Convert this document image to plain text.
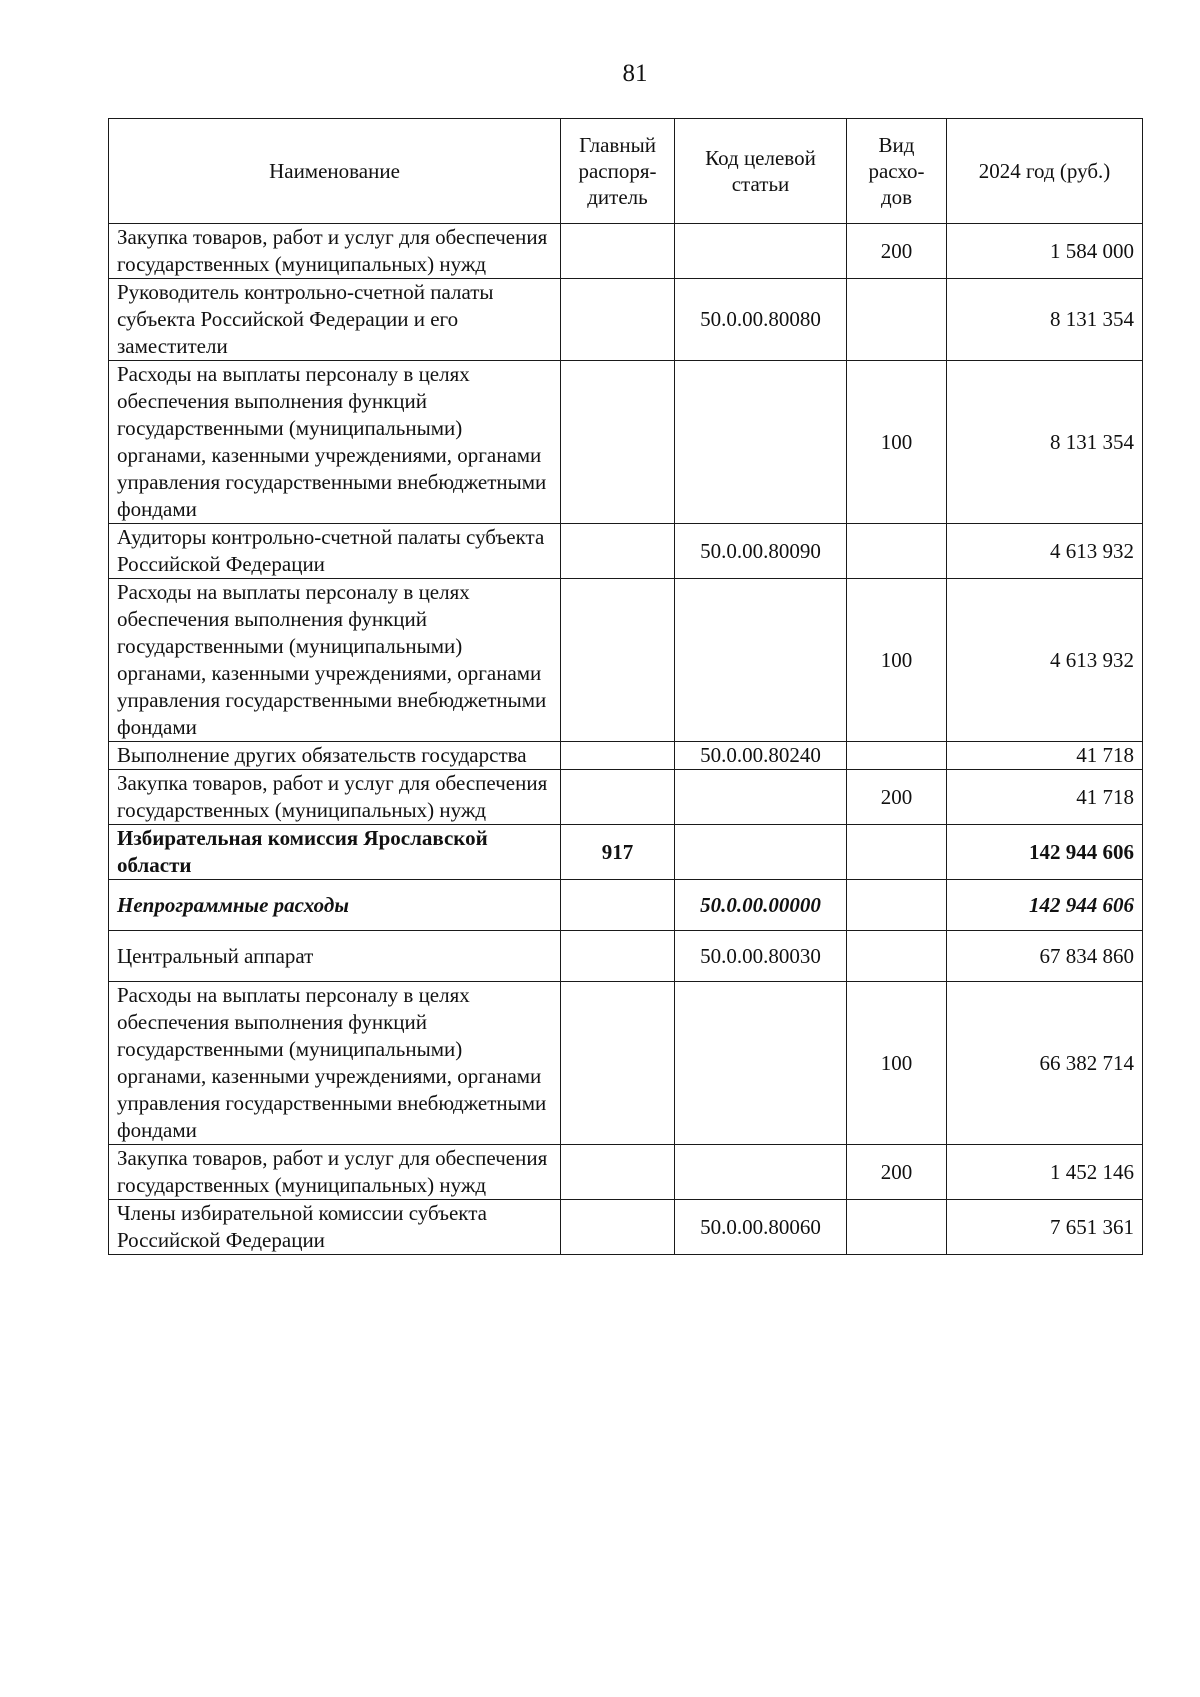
81
Наименование	Главный распоря-дитель	Код целевой статьи	Вид расхо-дов	2024 год (руб.)
Закупка товаров, работ и услуг для обеспечения государственных (муниципальных) нужд			200	1 584 000
Руководитель контрольно-счетной палаты субъекта Российской Федерации и его заместители		50.0.00.80080		8 131 354
Расходы на выплаты персоналу в целях обеспечения выполнения функций государственными (муниципальными) органами, казенными учреждениями, органами управления государственными внебюджетными фондами			100	8 131 354
Аудиторы контрольно-счетной палаты субъекта Российской Федерации		50.0.00.80090		4 613 932
Расходы на выплаты персоналу в целях обеспечения выполнения функций государственными (муниципальными) органами, казенными учреждениями, органами управления государственными внебюджетными фондами			100	4 613 932
Выполнение других обязательств государства		50.0.00.80240		41 718
Закупка товаров, работ и услуг для обеспечения государственных (муниципальных) нужд			200	41 718
Избирательная комиссия Ярославской области	917			142 944 606
Непрограммные расходы		50.0.00.00000		142 944 606
Центральный аппарат		50.0.00.80030		67 834 860
Расходы на выплаты персоналу в целях обеспечения выполнения функций государственными (муниципальными) органами, казенными учреждениями, органами управления государственными внебюджетными фондами			100	66 382 714
Закупка товаров, работ и услуг для обеспечения государственных (муниципальных) нужд			200	1 452 146
Члены избирательной комиссии субъекта Российской Федерации		50.0.00.80060		7 651 361
